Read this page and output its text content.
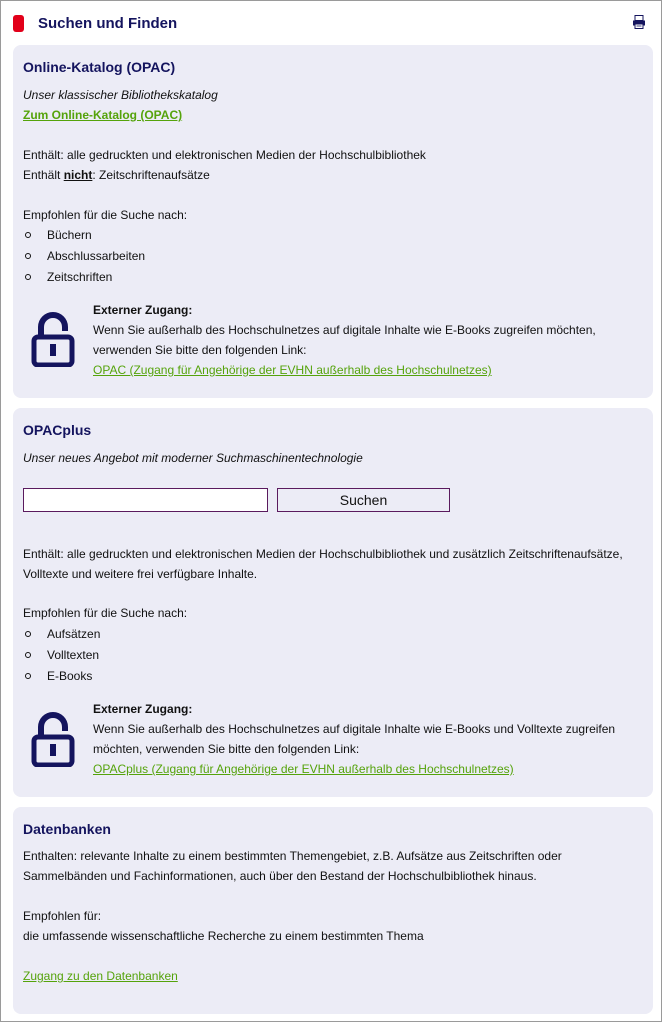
Suchen und Finden
Online-Katalog (OPAC)
Unser klassischer Bibliothekskatalog
Zum Online-Katalog (OPAC)
Enthält: alle gedruckten und elektronischen Medien der Hochschulbibliothek
Enthält nicht: Zeitschriftenaufsätze
Empfohlen für die Suche nach:
Büchern
Abschlussarbeiten
Zeitschriften
Externer Zugang:
Wenn Sie außerhalb des Hochschulnetzes auf digitale Inhalte wie E-Books zugreifen möchten,
verwenden Sie bitte den folgenden Link:
OPAC (Zugang für Angehörige der EVHN außerhalb des Hochschulnetzes)
OPACplus
Unser neues Angebot mit moderner Suchmaschinentechnologie
Suchen
Enthält: alle gedruckten und elektronischen Medien der Hochschulbibliothek und zusätzlich Zeitschriftenaufsätze,
Volltexte und weitere frei verfügbare Inhalte.
Empfohlen für die Suche nach:
Aufsätzen
Volltexten
E-Books
Externer Zugang:
Wenn Sie außerhalb des Hochschulnetzes auf digitale Inhalte wie E-Books und Volltexte zugreifen
möchten, verwenden Sie bitte den folgenden Link:
OPACplus (Zugang für Angehörige der EVHN außerhalb des Hochschulnetzes)
Datenbanken
Enthalten: relevante Inhalte zu einem bestimmten Themengebiet, z.B. Aufsätze aus Zeitschriften oder
Sammelbänden und Fachinformationen, auch über den Bestand der Hochschulbibliothek hinaus.
Empfohlen für:
die umfassende wissenschaftliche Recherche zu einem bestimmten Thema
Zugang zu den Datenbanken
